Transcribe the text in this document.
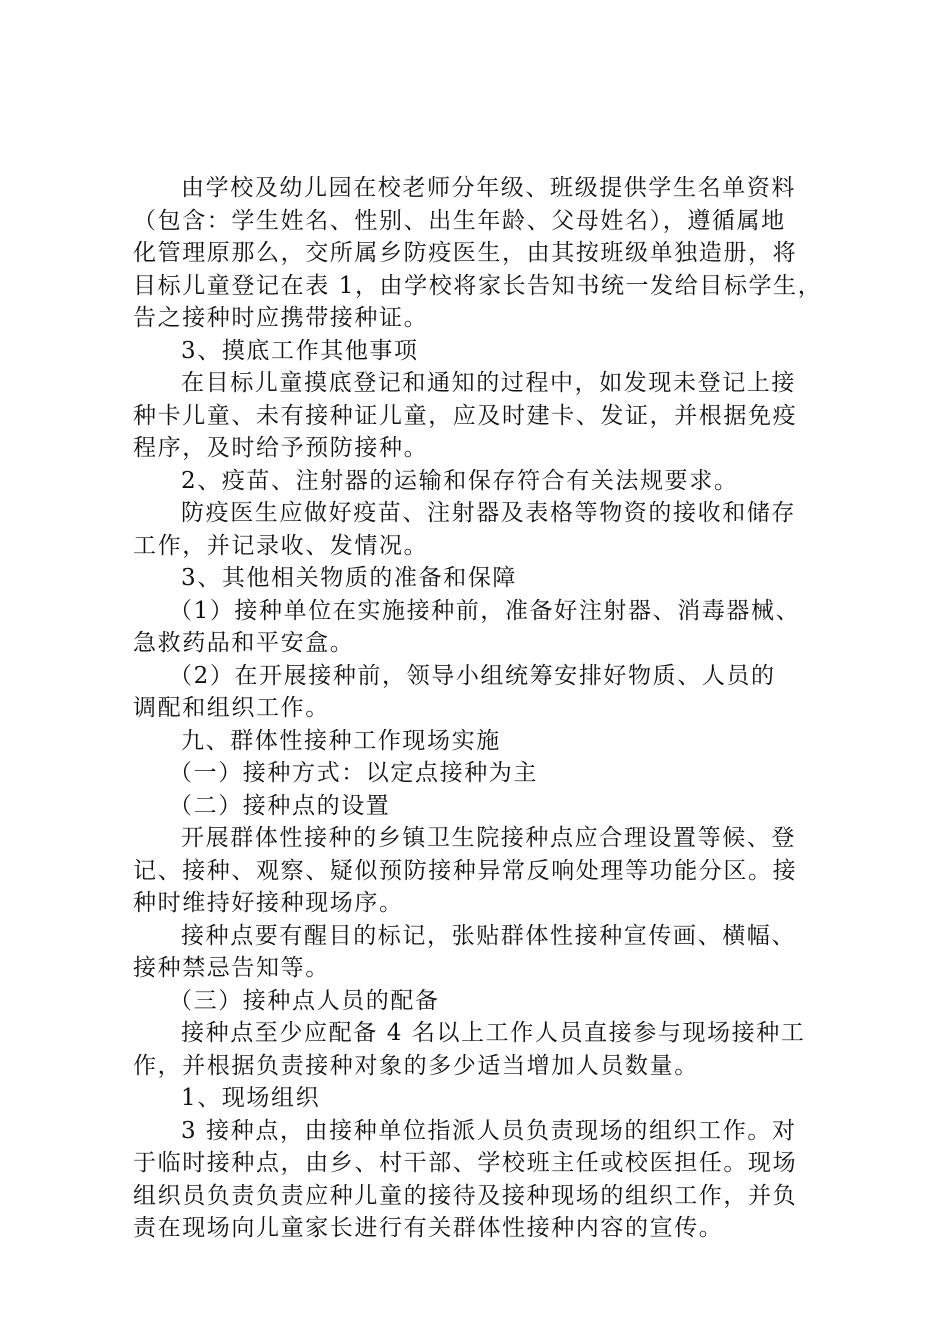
由学校及幼儿园在校老师分年级、班级提供学生名单资料
（包含：学生姓名、性别、出生年龄、父母姓名），遵循属地
化管理原那么，交所属乡防疫医生，由其按班级单独造册，将
目标儿童登记在表 1，由学校将家长告知书统一发给目标学生，
告之接种时应携带接种证。
3、摸底工作其他事项
在目标儿童摸底登记和通知的过程中，如发现未登记上接
种卡儿童、未有接种证儿童，应及时建卡、发证，并根据免疫
程序，及时给予预防接种。
2、疫苗、注射器的运输和保存符合有关法规要求。
防疫医生应做好疫苗、注射器及表格等物资的接收和储存
工作，并记录收、发情况。
3、其他相关物质的准备和保障
（1）接种单位在实施接种前，准备好注射器、消毒器械、
急救药品和平安盒。
（2）在开展接种前，领导小组统筹安排好物质、人员的
调配和组织工作。
九、群体性接种工作现场实施
（一）接种方式：以定点接种为主
（二）接种点的设置
开展群体性接种的乡镇卫生院接种点应合理设置等候、登
记、接种、观察、疑似预防接种异常反响处理等功能分区。接
种时维持好接种现场序。
接种点要有醒目的标记，张贴群体性接种宣传画、横幅、
接种禁忌告知等。
（三）接种点人员的配备
接种点至少应配备 4 名以上工作人员直接参与现场接种工
作，并根据负责接种对象的多少适当增加人员数量。
1、现场组织
3 接种点，由接种单位指派人员负责现场的组织工作。对
于临时接种点，由乡、村干部、学校班主任或校医担任。现场
组织员负责负责应种儿童的接待及接种现场的组织工作，并负
责在现场向儿童家长进行有关群体性接种内容的宣传。
